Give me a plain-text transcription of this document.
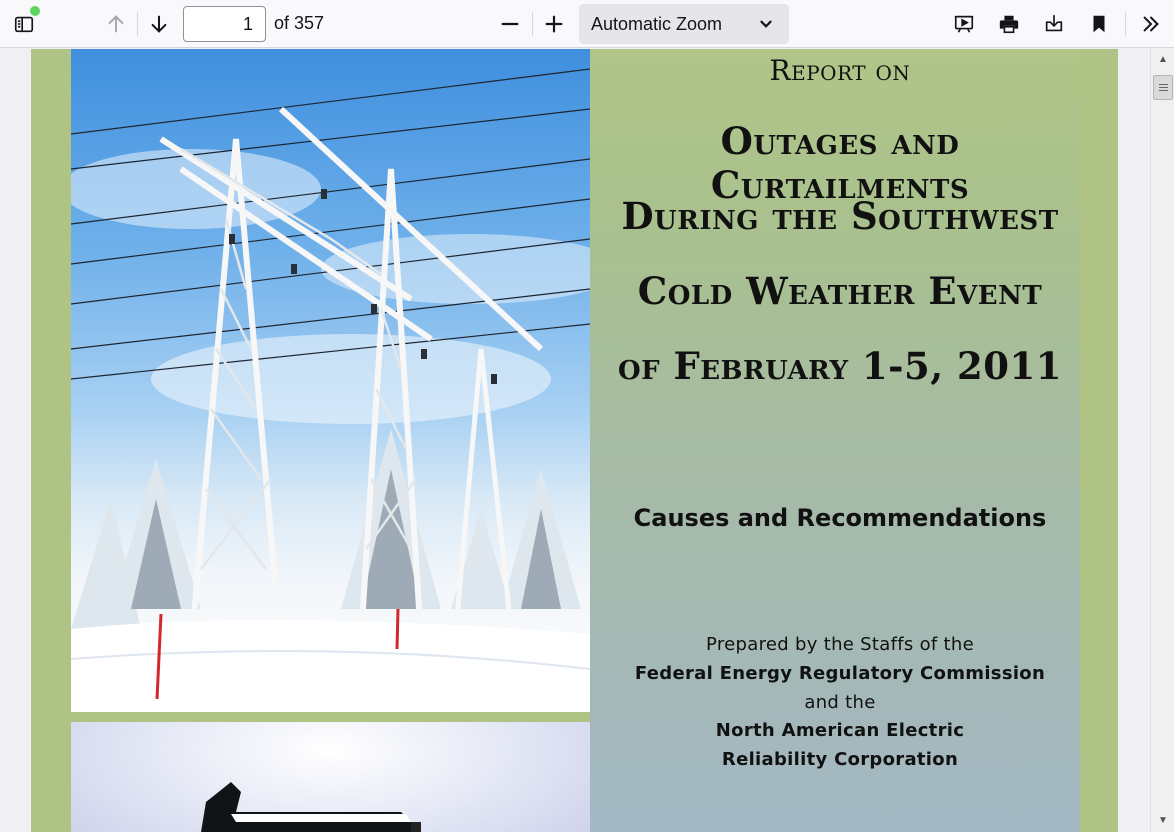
1
of 357	Automatic Zoom
Report on
Outages and Curtailments
During the Southwest
Cold Weather Event
of February 1-5, 2011
Causes and Recommendations
Prepared by the Staffs of the
Federal Energy Regulatory Commission
and the
North American Electric
Reliability Corporation
▲
▼
